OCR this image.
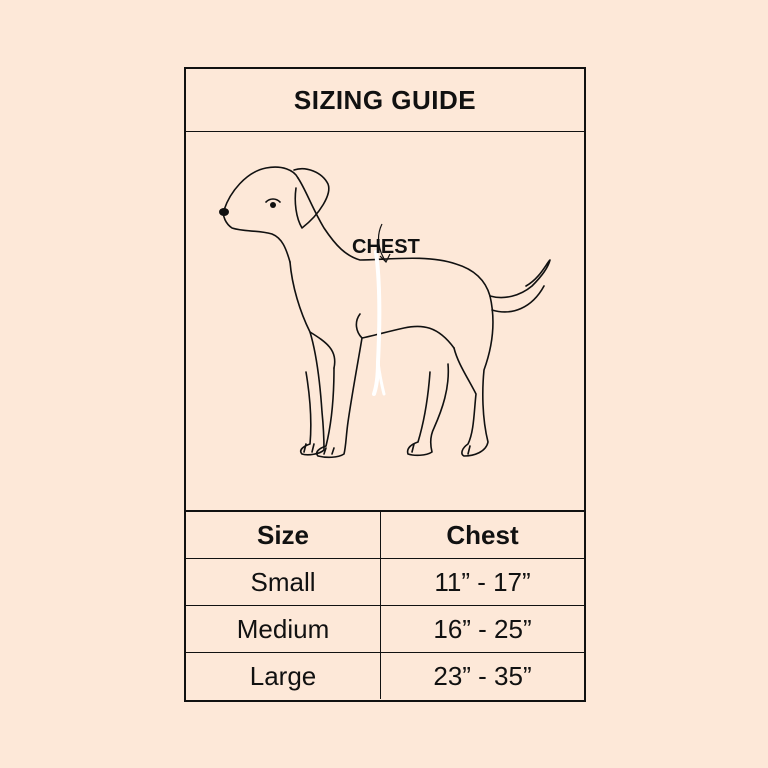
SIZING GUIDE
CHEST
Size	Chest
Small	11” - 17”
Medium	16” - 25”
Large	23” - 35”
